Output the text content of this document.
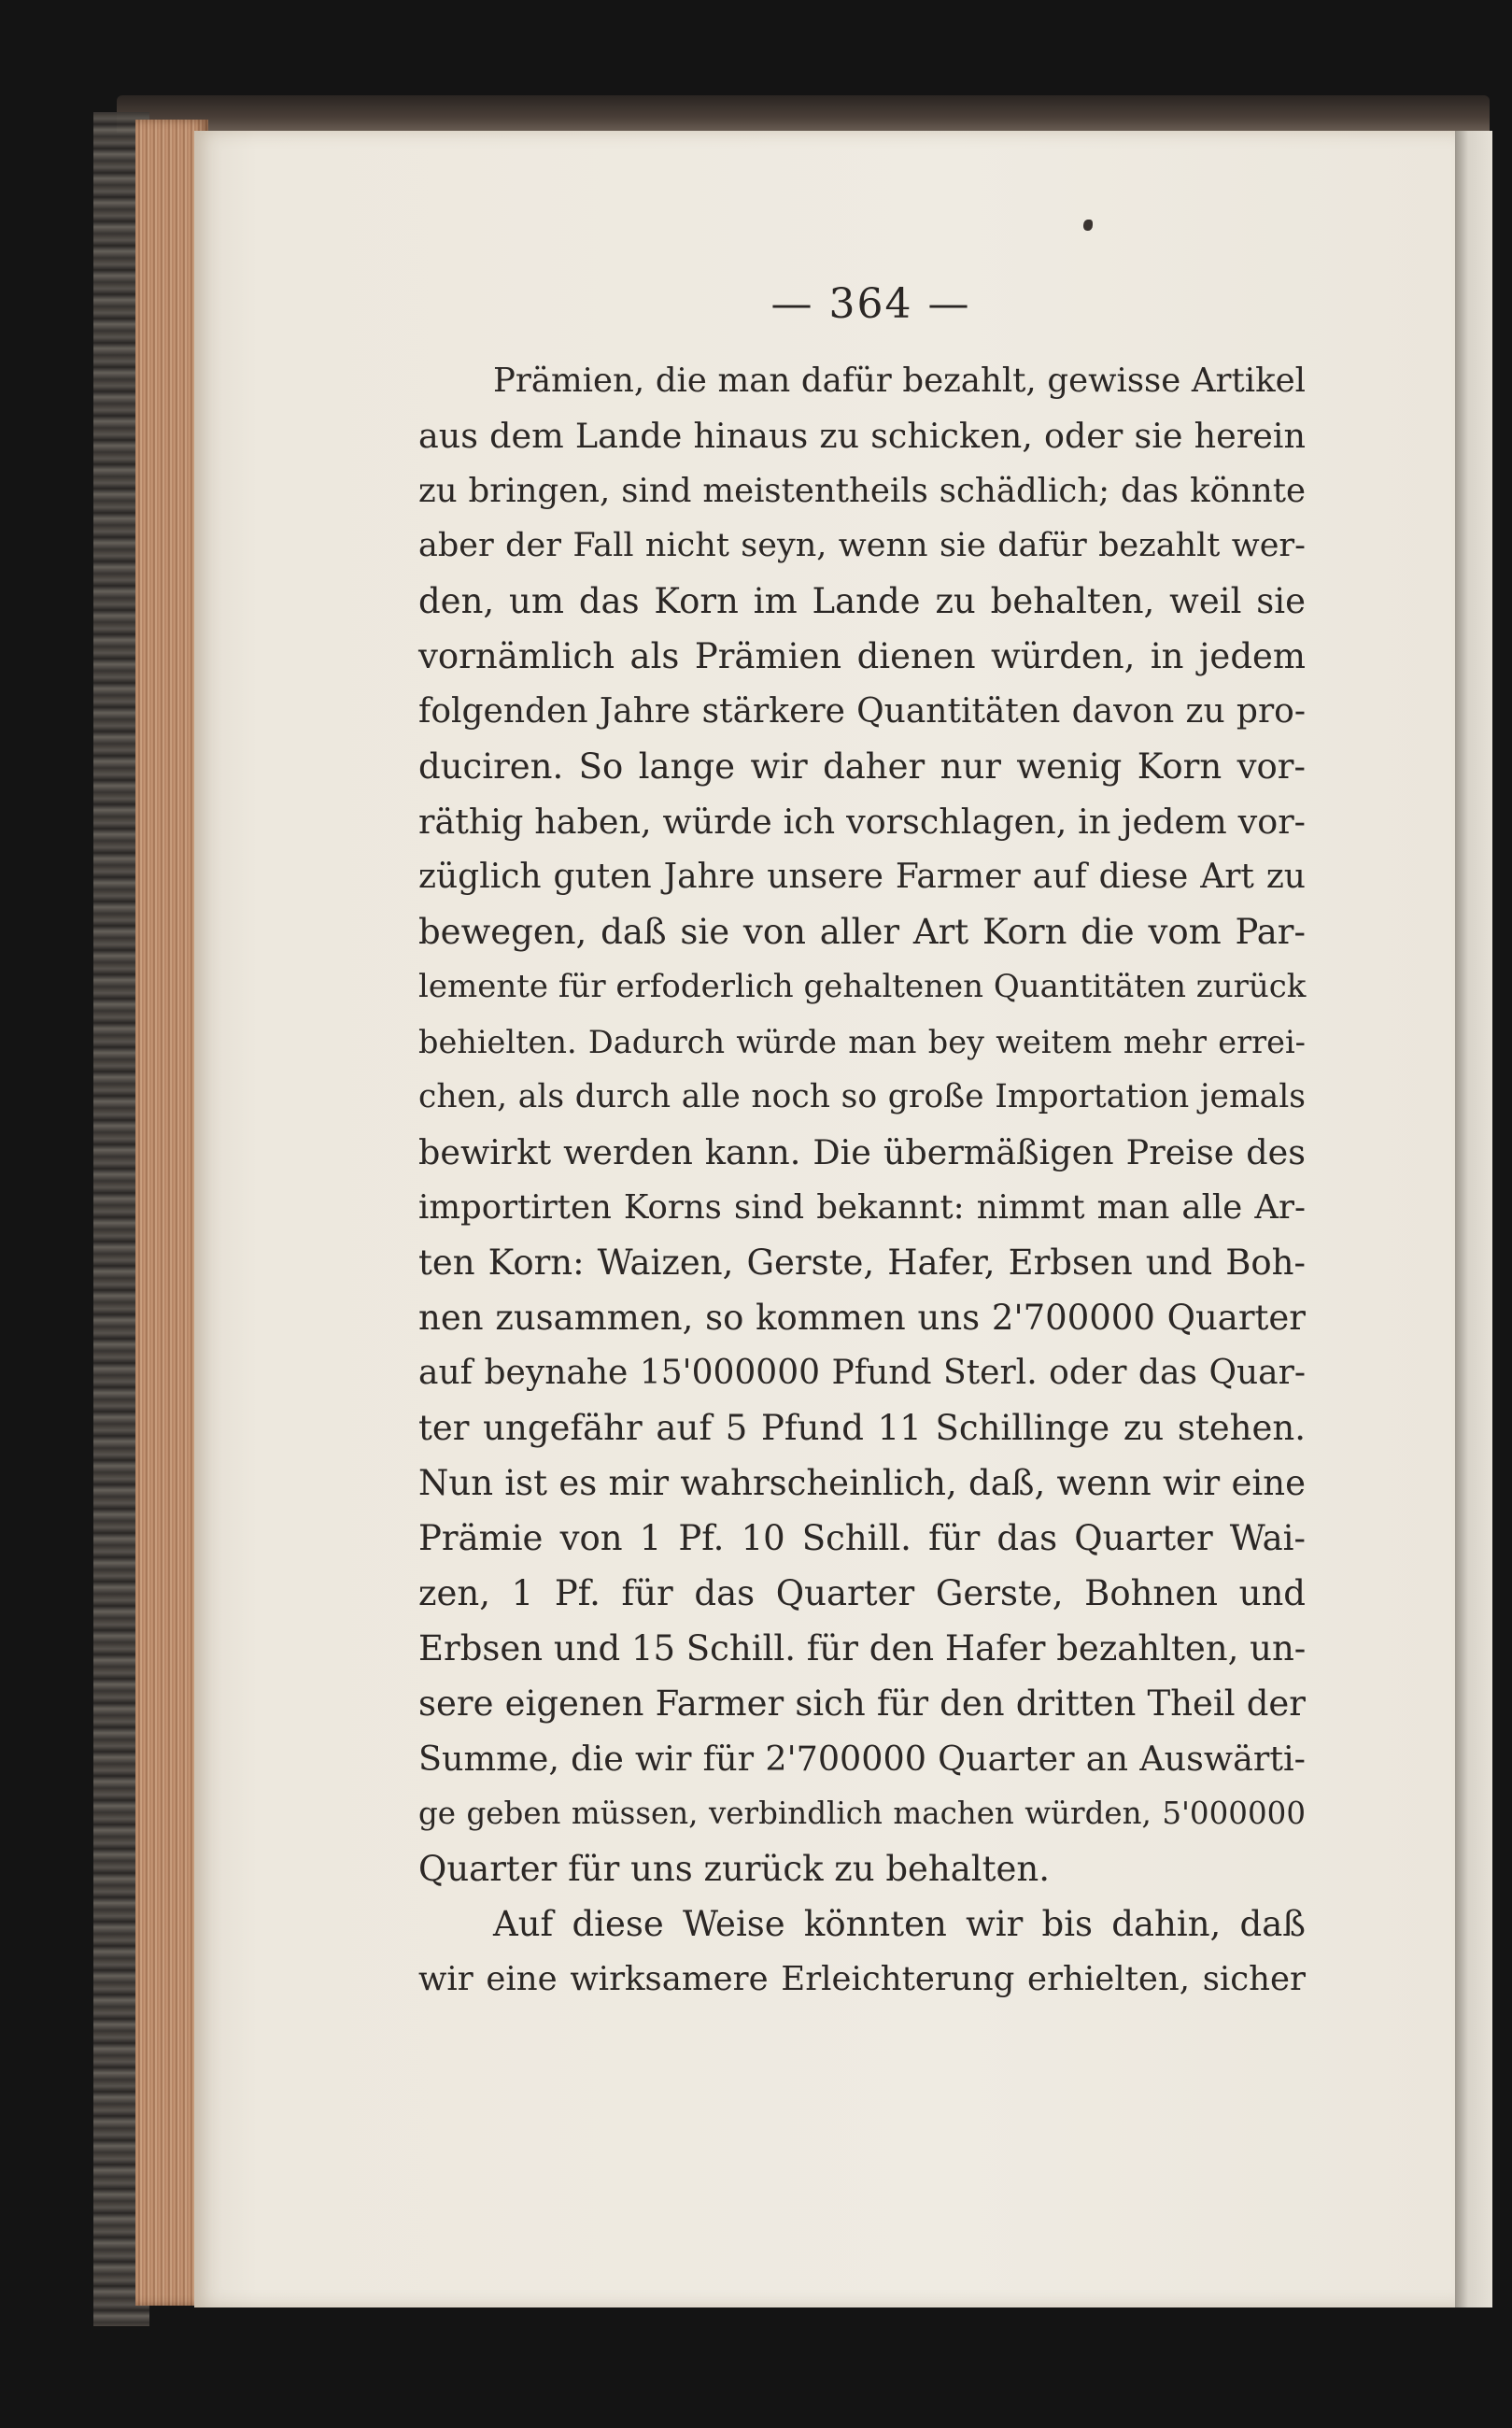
— 364 —
Prämien, die man dafür bezahlt, gewisse Artikel
aus dem Lande hinaus zu schicken, oder sie herein
zu bringen, sind meistentheils schädlich; das könnte
aber der Fall nicht seyn, wenn sie dafür bezahlt wer-
den, um das Korn im Lande zu behalten, weil sie
vornämlich als Prämien dienen würden, in jedem
folgenden Jahre stärkere Quantitäten davon zu pro-
duciren. So lange wir daher nur wenig Korn vor-
räthig haben, würde ich vorschlagen, in jedem vor-
züglich guten Jahre unsere Farmer auf diese Art zu
bewegen, daß sie von aller Art Korn die vom Par-
lemente für erfoderlich gehaltenen Quantitäten zurück
behielten. Dadurch würde man bey weitem mehr errei-
chen, als durch alle noch so große Importation jemals
bewirkt werden kann. Die übermäßigen Preise des
importirten Korns sind bekannt: nimmt man alle Ar-
ten Korn: Waizen, Gerste, Hafer, Erbsen und Boh-
nen zusammen, so kommen uns 2'700000 Quarter
auf beynahe 15'000000 Pfund Sterl. oder das Quar-
ter ungefähr auf 5 Pfund 11 Schillinge zu stehen.
Nun ist es mir wahrscheinlich, daß, wenn wir eine
Prämie von 1 Pf. 10 Schill. für das Quarter Wai-
zen, 1 Pf. für das Quarter Gerste, Bohnen und
Erbsen und 15 Schill. für den Hafer bezahlten, un-
sere eigenen Farmer sich für den dritten Theil der
Summe, die wir für 2'700000 Quarter an Auswärti-
ge geben müssen, verbindlich machen würden, 5'000000
Quarter für uns zurück zu behalten.
Auf diese Weise könnten wir bis dahin, daß
wir eine wirksamere Erleichterung erhielten, sicher
